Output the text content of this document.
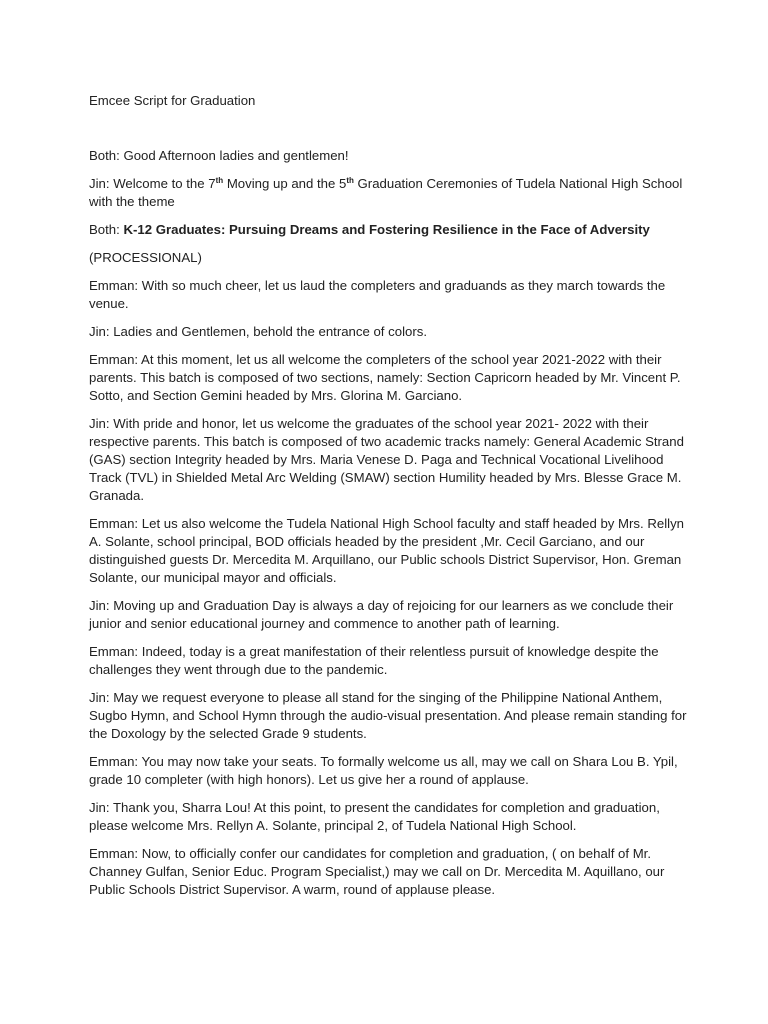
Emcee Script for Graduation

Both: Good Afternoon ladies and gentlemen!

Jin: Welcome to the 7th Moving up and the 5th Graduation Ceremonies of Tudela National High School with the theme

Both: K-12 Graduates: Pursuing Dreams and Fostering Resilience in the Face of Adversity

(PROCESSIONAL)

Emman: With so much cheer, let us laud the completers and graduands as they march towards the venue.

Jin: Ladies and Gentlemen, behold the entrance of colors.

Emman: At this moment, let us all welcome the completers of the school year 2021-2022 with their parents. This batch is composed of two sections, namely: Section Capricorn headed by Mr. Vincent P. Sotto, and Section Gemini headed by Mrs. Glorina M. Garciano.

Jin: With pride and honor, let us welcome the graduates of the school year 2021- 2022 with their respective parents. This batch is composed of two academic tracks namely: General Academic Strand (GAS) section Integrity headed by Mrs. Maria Venese D. Paga and Technical Vocational Livelihood Track (TVL) in Shielded Metal Arc Welding (SMAW) section Humility headed by Mrs. Blesse Grace M. Granada.

Emman: Let us also welcome the Tudela National High School faculty and staff headed by Mrs. Rellyn A. Solante, school principal, BOD officials headed by the president ,Mr. Cecil Garciano, and our distinguished guests Dr. Mercedita M. Arquillano, our Public schools District Supervisor, Hon. Greman Solante, our municipal mayor and officials.

Jin: Moving up and Graduation Day is always a day of rejoicing for our learners as we conclude their junior and senior educational journey and commence to another path of learning.

Emman: Indeed, today is a great manifestation of their relentless pursuit of knowledge despite the challenges they went through due to the pandemic.

Jin: May we request everyone to please all stand for the singing of the Philippine National Anthem, Sugbo Hymn, and School Hymn through the audio-visual presentation. And please remain standing for the Doxology by the selected Grade 9 students.

Emman: You may now take your seats. To formally welcome us all, may we call on Shara Lou B. Ypil, grade 10 completer (with high honors). Let us give her a round of applause.

Jin: Thank you, Sharra Lou! At this point, to present the candidates for completion and graduation, please welcome Mrs. Rellyn A. Solante, principal 2, of Tudela National High School.

Emman: Now, to officially confer our candidates for completion and graduation, ( on behalf of Mr. Channey Gulfan, Senior Educ. Program Specialist,) may we call on Dr. Mercedita M. Aquillano, our Public Schools District Supervisor. A warm, round of applause please.
